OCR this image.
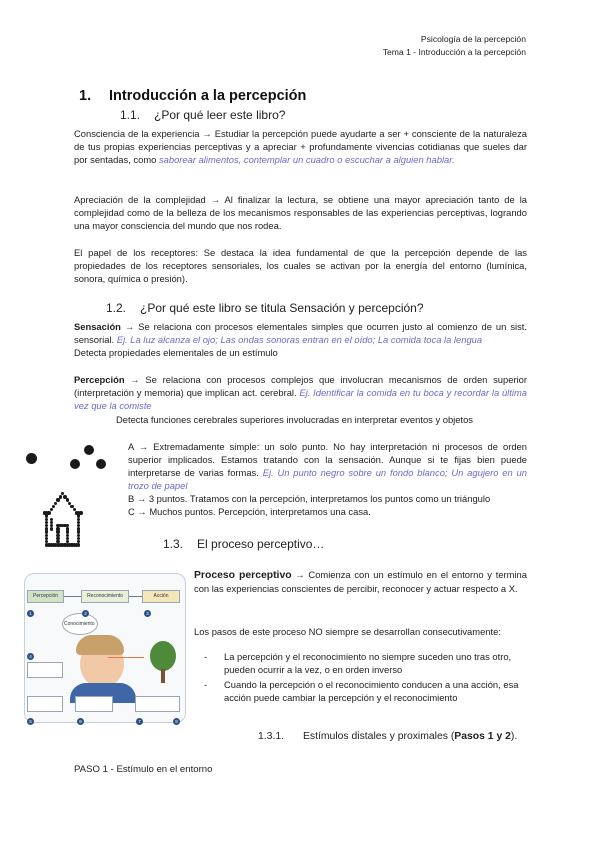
Psicología de la percepción
Tema 1 - Introducción a la percepción
1. Introducción a la percepción
1.1. ¿Por qué leer este libro?
Consciencia de la experiencia → Estudiar la percepción puede ayudarte a ser + consciente de la naturaleza de tus propias experiencias perceptivas y a apreciar + profundamente vivencias cotidianas que sueles dar por sentadas, como saborear alimentos, contemplar un cuadro o escuchar a alguien hablar.
Apreciación de la complejidad → Al finalizar la lectura, se obtiene una mayor apreciación tanto de la complejidad como de la belleza de los mecanismos responsables de las experiencias perceptivas, logrando una mayor consciencia del mundo que nos rodea.
El papel de los receptores: Se destaca la idea fundamental de que la percepción depende de las propiedades de los receptores sensoriales, los cuales se activan por la energía del entorno (lumínica, sonora, química o presión).
1.2. ¿Por qué este libro se titula Sensación y percepción?
Sensación → Se relaciona con procesos elementales simples que ocurren justo al comienzo de un sist. sensorial. Ej. La luz alcanza el ojo; Las ondas sonoras entran en el oído; La comida toca la lengua
Detecta propiedades elementales de un estímulo
Percepción → Se relaciona con procesos complejos que involucran mecanismos de orden superior (interpretación y memoria) que implican act. cerebral. Ej. Identificar la comida en tu boca y recordar la última vez que la comiste
Detecta funciones cerebrales superiores involucradas en interpretar eventos y objetos
A → Extremadamente simple: un solo punto. No hay interpretación ni procesos de orden superior implicados. Estamos tratando con la sensación. Aunque si te fijas bien puede interpretarse de varias formas. Ej. Un punto negro sobre un fondo blanco; Un agujero en un trozo de papel
B → 3 puntos. Tratamos con la percepción, interpretamos los puntos como un triángulo
C → Muchos puntos. Percepción, interpretamos una casa.
1.3. El proceso perceptivo…
Percepción	Reconocimiento	Acción
Conocimiento
1	2	3
4
5	6	7	8
Proceso perceptivo → Comienza con un estímulo en el entorno y termina con las experiencias conscientes de percibir, reconocer y actuar respecto a X.
Los pasos de este proceso NO siempre se desarrollan consecutivamente:
- La percepción y el reconocimiento no siempre suceden uno tras otro, pueden ocurrir a la vez, o en orden inverso
- Cuando la percepción o el reconocimiento conducen a una acción, esa acción puede cambiar la percepción y el reconocimiento
1.3.1. Estímulos distales y proximales (Pasos 1 y 2).
PASO 1 - Estímulo en el entorno
